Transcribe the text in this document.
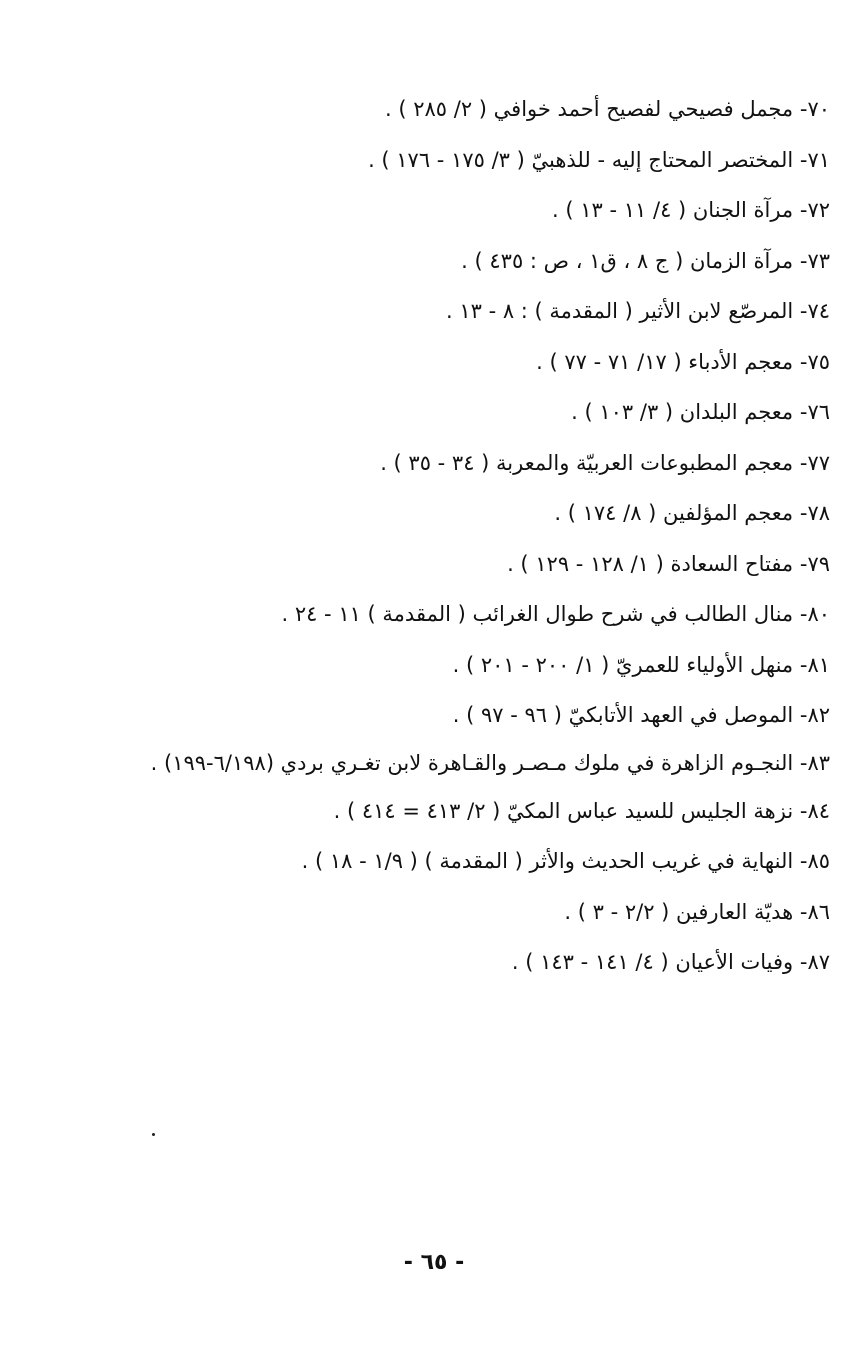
٧٠- مجمل فصيحي لفصيح أحمد خوافي ( ٢/ ٢٨٥ ) .
٧١- المختصر المحتاج إليه - للذهبيّ ( ٣/ ١٧٥ - ١٧٦ ) .
٧٢- مرآة الجنان ( ٤/ ١١ - ١٣ ) .
٧٣- مرآة الزمان ( ج ٨ ، ق١ ، ص : ٤٣٥ ) .
٧٤- المرصّع لابن الأثير ( المقدمة ) : ٨ - ١٣ .
٧٥- معجم الأدباء ( ١٧/ ٧١ - ٧٧ ) .
٧٦- معجم البلدان ( ٣/ ١٠٣ ) .
٧٧- معجم المطبوعات العربيّة والمعربة ( ٣٤ - ٣٥ ) .
٧٨- معجم المؤلفين ( ٨/ ١٧٤ ) .
٧٩- مفتاح السعادة ( ١/ ١٢٨ - ١٢٩ ) .
٨٠- منال الطالب في شرح طوال الغرائب ( المقدمة ) ١١ - ٢٤ .
٨١- منهل الأولياء للعمريّ ( ١/ ٢٠٠ - ٢٠١ ) .
٨٢- الموصل في العهد الأتابكيّ ( ٩٦ - ٩٧ ) .
٨٣- النجـوم الزاهرة في ملوك مـصـر والقـاهرة لابن تغـري بردي (٦/١٩٨-١٩٩) .
٨٤- نزهة الجليس للسيد عباس المكيّ ( ٢/ ٤١٣ = ٤١٤ ) .
٨٥- النهاية في غريب الحديث والأثر ( المقدمة ) ( ١/٩ - ١٨ ) .
٨٦- هديّة العارفين ( ٢/٢ - ٣ ) .
٨٧- وفيات الأعيان ( ٤/ ١٤١ - ١٤٣ ) .
- ٦٥ -
